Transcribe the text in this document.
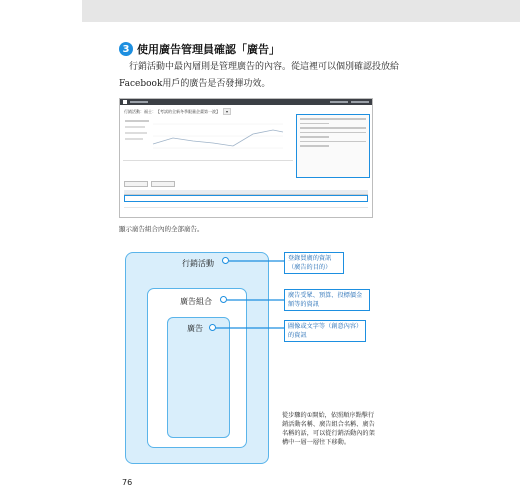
3 使用廣告管理員確認「廣告」

行銷活動中最內層則是管理廣告的內容。從這裡可以個別確認投放給Facebook用戶的廣告是否發揮功效。

行銷活動：福士：【考試的全新冬季限量企畫第一波】	▾
顯示廣告組合內的全部廣告。
行銷活動
廣告組合
廣告
登錄買廣的資訊（廣告的目的）
廣告受眾、預算、投標價金額等的資訊
圖像或文字等（創意內容）的資訊
從步驟的①開始，依照順序點擊行銷活動名稱、廣告組合名稱、廣告名稱的話，可以從行銷活動內的架構中一層一層往下移動。
76
